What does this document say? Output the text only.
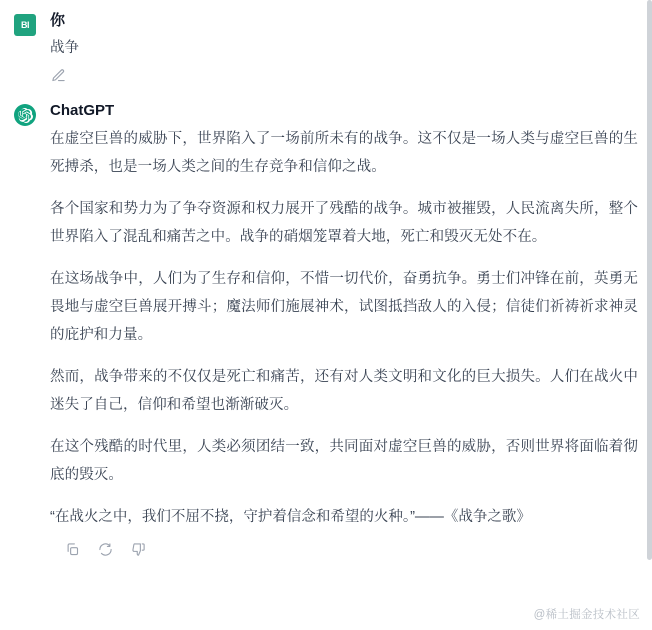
BI 你
战争
ChatGPT

在虚空巨兽的威胁下，世界陷入了一场前所未有的战争。这不仅是一场人类与虚空巨兽的生死搏杀，也是一场人类之间的生存竞争和信仰之战。

各个国家和势力为了争夺资源和权力展开了残酷的战争。城市被摧毁，人民流离失所，整个世界陷入了混乱和痛苦之中。战争的硝烟笼罩着大地，死亡和毁灭无处不在。

在这场战争中，人们为了生存和信仰，不惜一切代价，奋勇抗争。勇士们冲锋在前，英勇无畏地与虚空巨兽展开搏斗；魔法师们施展神术，试图抵挡敌人的入侵；信徒们祈祷祈求神灵的庇护和力量。

然而，战争带来的不仅仅是死亡和痛苦，还有对人类文明和文化的巨大损失。人们在战火中迷失了自己，信仰和希望也渐渐破灭。

在这个残酷的时代里，人类必须团结一致，共同面对虚空巨兽的威胁，否则世界将面临着彻底的毁灭。

“在战火之中，我们不屈不挠，守护着信念和希望的火种。”——《战争之歌》

@稀土掘金技术社区
